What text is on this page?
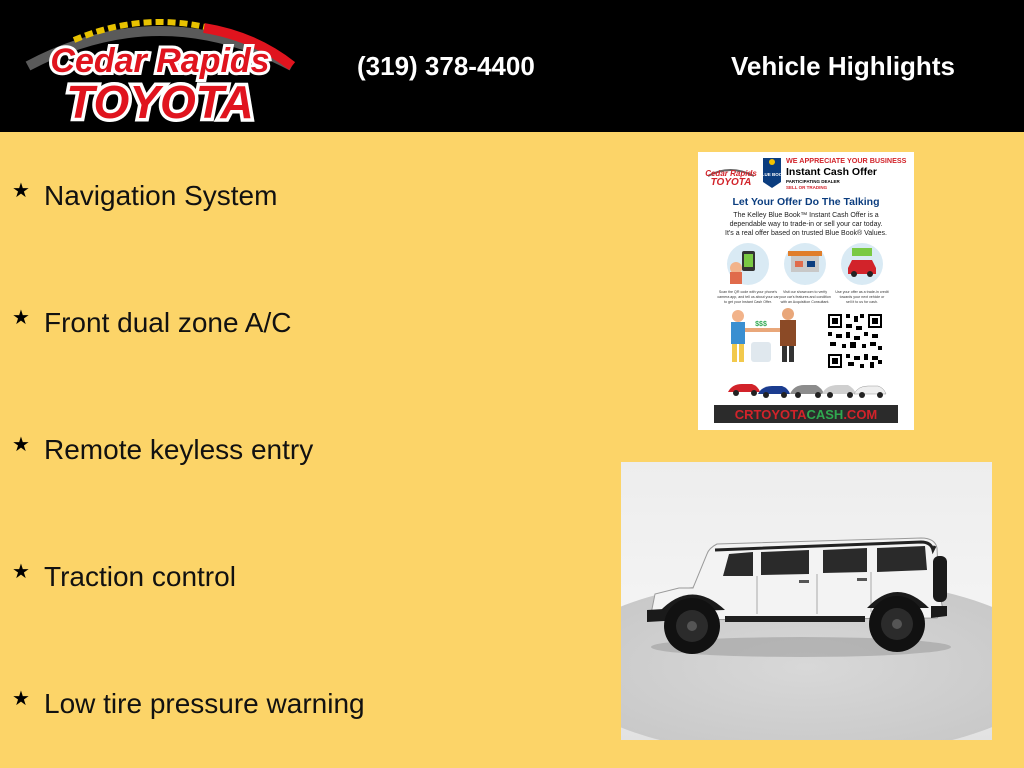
Cedar Rapids
TOYOTA
(319) 378-4400	Vehicle Highlights
★ Navigation System
★ Front dual zone A/C
★ Remote keyless entry
★ Traction control
★ Low tire pressure warning
Cedar Rapids
TOYOTA
BLUE BOOK
WE APPRECIATE YOUR BUSINESS
Instant Cash Offer
PARTICIPATING DEALER
SELL OR TRADING
Let Your Offer Do The Talking
The Kelley Blue Book™ Instant Cash Offer is a
dependable way to trade-in or sell your car today.
It's a real offer based on trusted Blue Book® Values.
Scan the QR code with your phone's
camera app, and tell us about your car
to get your Instant Cash Offer.
Visit our showroom to verify
your car's features and condition
with an Acquisition Consultant.
Use your offer as a trade-in credit
towards your next vehicle or
sell it to us for cash.
$$$
CRTOYOTACASH.COM
